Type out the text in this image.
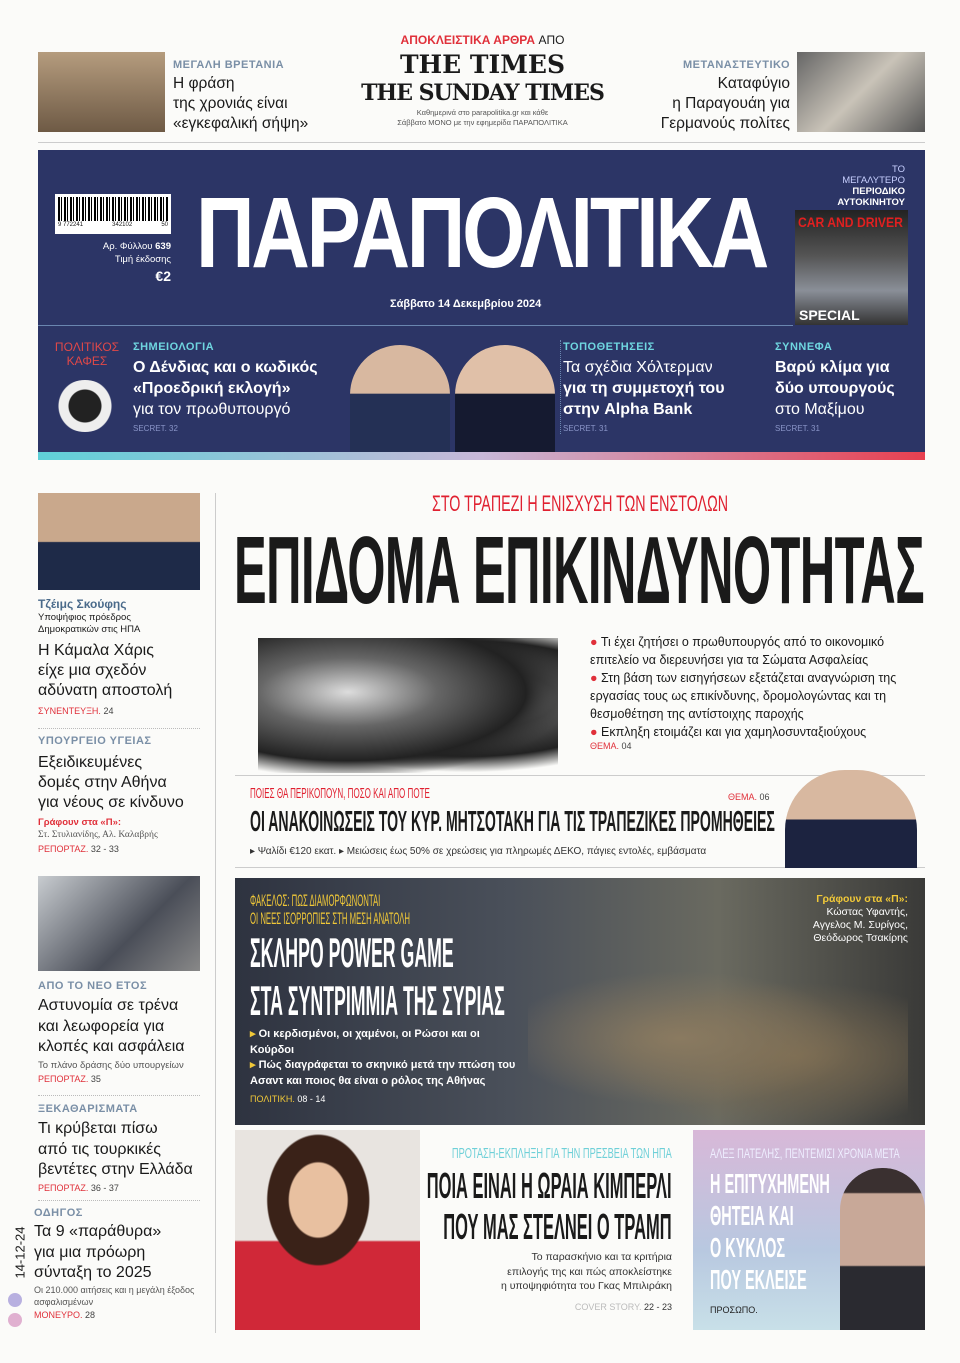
ΜΕΓΑΛΗ ΒΡΕΤΑΝΙΑ
Η φράση
της χρονιάς είναι
«εγκεφαλική σήψη»
ΑΠΟΚΛΕΙΣΤΙΚΑ ΑΡΘΡΑ ΑΠΟ
THE TIMES
THE SUNDAY TIMES
Καθημερινά στο parapolitika.gr και κάθε
Σάββατο ΜΟΝΟ με την εφημερίδα ΠΑΡΑΠΟΛΙΤΙΚΑ
ΜΕΤΑΝΑΣΤΕΥΤΙΚΟ
Καταφύγιο
η Παραγουάη για
Γερμανούς πολίτες
9 772241	342102	50
Αρ. Φύλλου 639
Τιμή έκδοσης
€2 ΠΑΡΑΠΟΛΙΤΙΚΑ
Σάββατο 14 Δεκεμβρίου 2024
ΤΟ
ΜΕΓΑΛΥΤΕΡΟ
ΠΕΡΙΟΔΙΚΟ
ΑΥΤΟΚΙΝΗΤΟΥ
CAR AND DRIVER
SPECIAL
ΠΟΛΙΤΙΚΟΣ ΚΑΦΕΣ
ΣΗΜΕΙΟΛΟΓΙΑ
Ο Δένδιας και ο κωδικός
«Προεδρική εκλογή»
για τον πρωθυπουργό
SECRET. 32
ΤΟΠΟΘΕΤΗΣΕΙΣ
Τα σχέδια Χόλτερμαν
για τη συμμετοχή του
στην Alpha Bank
SECRET. 31
ΣΥΝΝΕΦΑ
Βαρύ κλίμα για
δύο υπουργούς
στο Μαξίμου
SECRET. 31
Τζέιμς Σκούφης
Υποψήφιος πρόεδρος Δημοκρατικών στις ΗΠΑ
Η Κάμαλα Χάρις
είχε μια σχεδόν
αδύνατη αποστολή
ΣΥΝΕΝΤΕΥΞΗ. 24
ΥΠΟΥΡΓΕΙΟ ΥΓΕΙΑΣ
Εξειδικευμένες
δομές στην Αθήνα
για νέους σε κίνδυνο
Γράφουν στα «Π»:
Στ. Στυλιανίδης, Αλ. Καλαβρής
ΡΕΠΟΡΤΑΖ. 32 - 33
ΑΠΟ ΤΟ ΝΕΟ ΕΤΟΣ
Αστυνομία σε τρένα
και λεωφορεία για
κλοπές και ασφάλεια
Το πλάνο δράσης δύο υπουργείων
ΡΕΠΟΡΤΑΖ. 35
ΞΕΚΑΘΑΡΙΣΜΑΤΑ
Τι κρύβεται πίσω
από τις τουρκικές
βεντέτες στην Ελλάδα
ΡΕΠΟΡΤΑΖ. 36 - 37
ΟΔΗΓΟΣ
Τα 9 «παράθυρα»
για μια πρόωρη
σύνταξη το 2025
Οι 210.000 αιτήσεις και η μεγάλη έξοδος ασφαλισμένων
MONEYΡΟ. 28
14-12-24
ΣΤΟ ΤΡΑΠΕΖΙ Η ΕΝΙΣΧΥΣΗ ΤΩΝ ΕΝΣΤΟΛΩΝ
ΕΠΙΔΟΜΑ ΕΠΙΚΙΝΔΥΝΟΤΗΤΑΣ
● Τι έχει ζητήσει ο πρωθυπουργός από το οικονομικό επιτελείο να διερευνήσει για τα Σώματα Ασφαλείας
● Στη βάση των εισηγήσεων εξετάζεται αναγνώριση της εργασίας τους ως επικίνδυνης, δρομολογώντας και τη θεσμοθέτηση της αντίστοιχης παροχής
● Εκπληξη ετοιμάζει και για χαμηλοσυνταξιούχους
ΘΕΜΑ. 04
ΠΟΙΕΣ ΘΑ ΠΕΡΙΚΟΠΟΥΝ, ΠΟΣΟ ΚΑΙ ΑΠΟ ΠΟΤΕ	ΘΕΜΑ. 06
ΟΙ ΑΝΑΚΟΙΝΩΣΕΙΣ ΤΟΥ ΚΥΡ. ΜΗΤΣΟΤΑΚΗ ΓΙΑ ΤΙΣ ΤΡΑΠΕΖΙΚΕΣ ΠΡΟΜΗΘΕΙΕΣ
▸ Ψαλίδι €120 εκατ. ▸ Μειώσεις έως 50% σε χρεώσεις για πληρωμές ΔΕΚΟ, πάγιες εντολές, εμβάσματα
ΦΑΚΕΛΟΣ: ΠΩΣ ΔΙΑΜΟΡΦΩΝΟΝΤΑΙ
ΟΙ ΝΕΕΣ ΙΣΟΡΡΟΠΙΕΣ ΣΤΗ ΜΕΣΗ ΑΝΑΤΟΛΗ
ΣΚΛΗΡΟ POWER GAME
ΣΤΑ ΣΥΝΤΡΙΜΜΙΑ ΤΗΣ ΣΥΡΙΑΣ
▸ Οι κερδισμένοι, οι χαμένοι, οι Ρώσοι και οι Κούρδοι
▸ Πώς διαγράφεται το σκηνικό μετά την πτώση του Ασαντ και ποιος θα είναι ο ρόλος της Αθήνας
ΠΟΛΙΤΙΚΗ. 08 - 14
Γράφουν στα «Π»:
Κώστας Υφαντής,
Αγγελος Μ. Συρίγος,
Θεόδωρος Τσακίρης
ΠΡΟΤΑΣΗ-ΕΚΠΛΗΞΗ ΓΙΑ ΤΗΝ ΠΡΕΣΒΕΙΑ ΤΩΝ ΗΠΑ
ΠΟΙΑ ΕΙΝΑΙ Η ΩΡΑΙΑ ΚΙΜΠΕΡΛΙ
ΠΟΥ ΜΑΣ ΣΤΕΛΝΕΙ Ο ΤΡΑΜΠ
Το παρασκήνιο και τα κριτήρια
επιλογής της και πώς αποκλείστηκε
η υποψηφιότητα του Γκας Μπιλιράκη
COVER STORY. 22 - 23
ΑΛΕΞ ΠΑΤΕΛΗΣ, ΠΕΝΤΕΜΙΣΙ ΧΡΟΝΙΑ ΜΕΤΑ
Η ΕΠΙΤΥΧΗΜΕΝΗ
ΘΗΤΕΙΑ ΚΑΙ
Ο ΚΥΚΛΟΣ
ΠΟΥ ΕΚΛΕΙΣΕ
ΠΡΟΣΩΠΟ.
